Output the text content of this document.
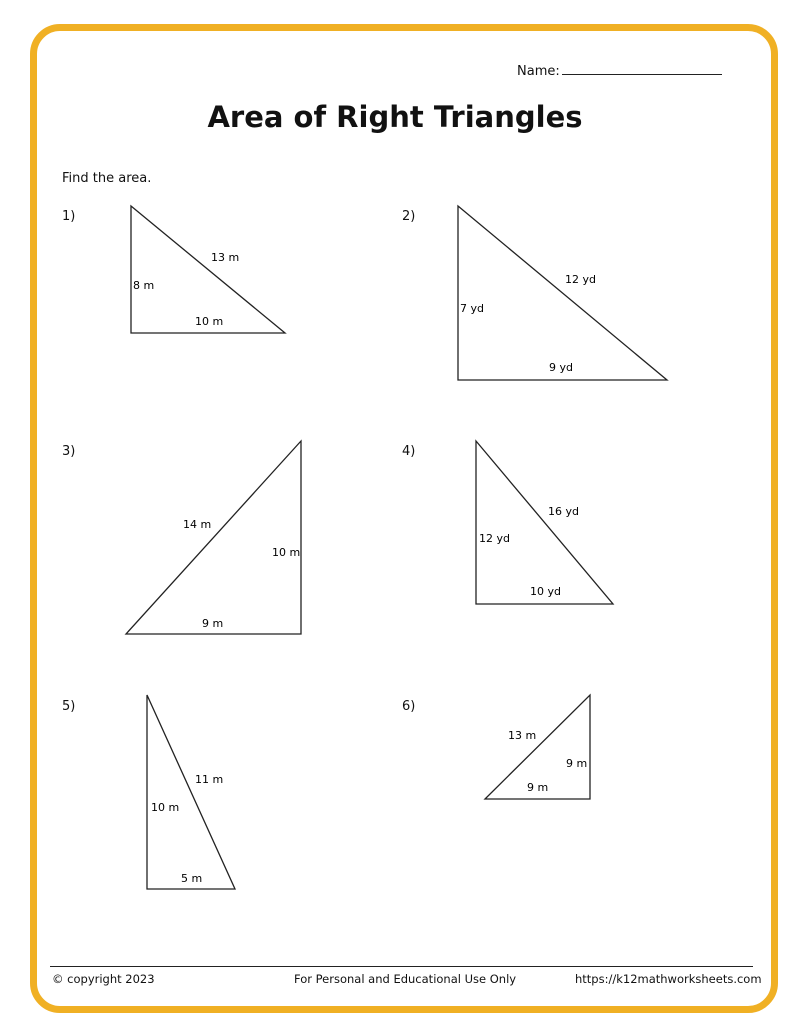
Name:
Area of Right Triangles
Find the area.
1)	2)
3)	4)
5)	6)
13 m
8 m
10 m
12 yd
7 yd
9 yd
14 m
10 m
9 m
16 yd
12 yd
10 yd
11 m
10 m
5 m
13 m
9 m
9 m
© copyright 2023	For Personal and Educational Use Only	https://k12mathworksheets.com
